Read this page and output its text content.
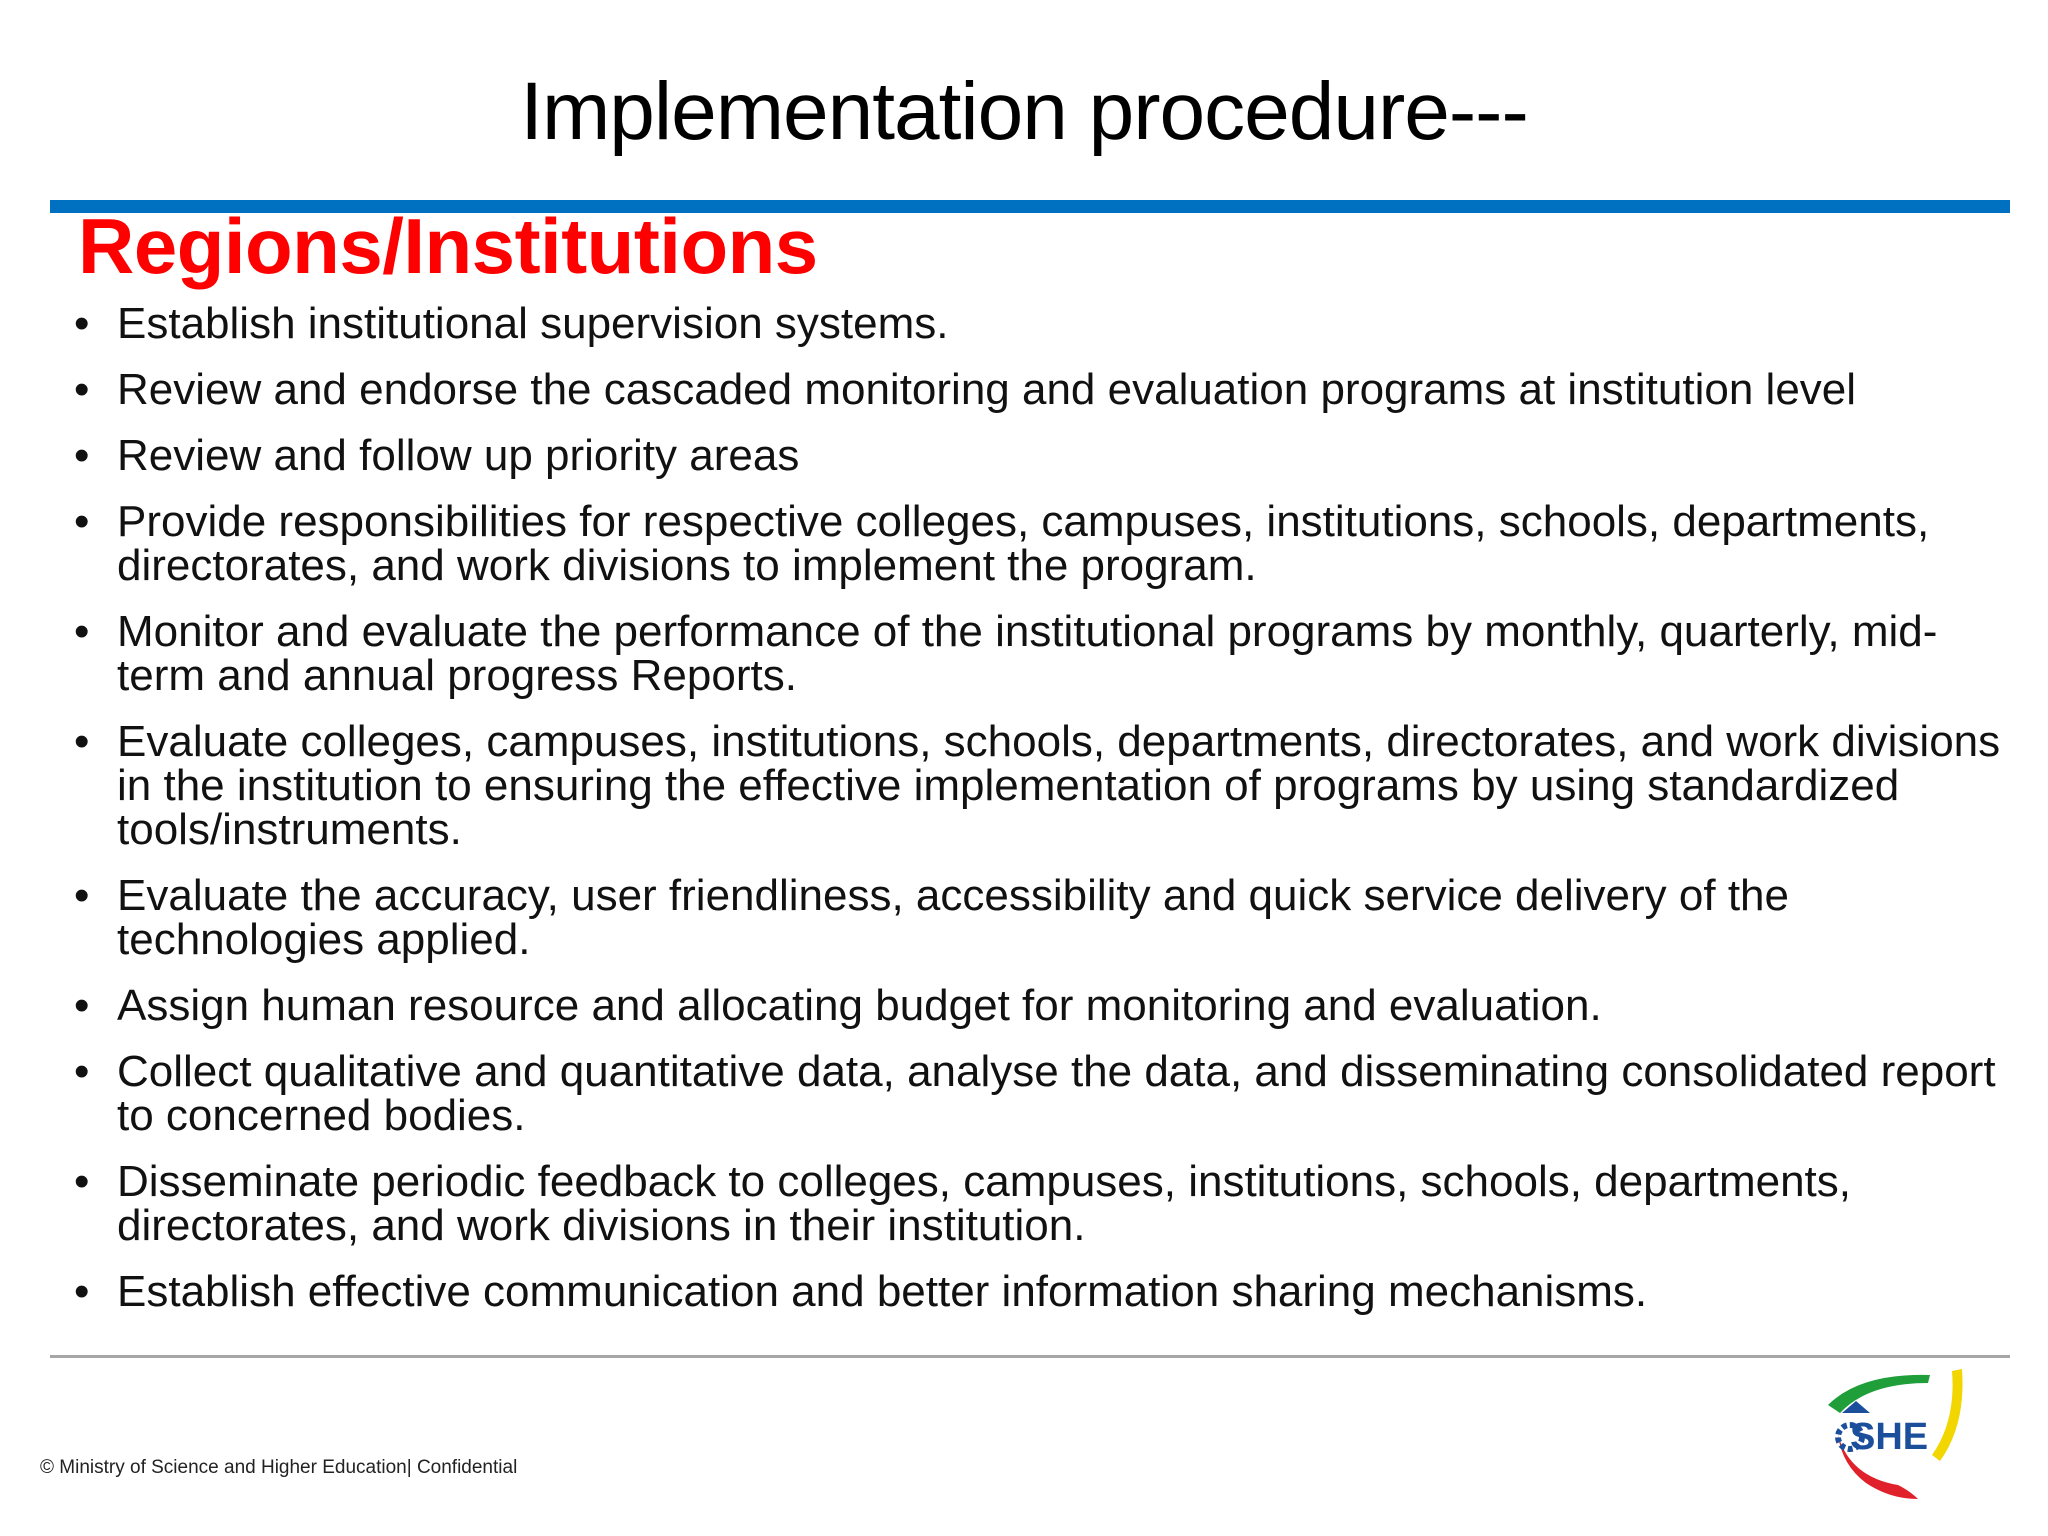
Implementation procedure---
Regions/Institutions
• Establish institutional supervision systems.
• Review and endorse the cascaded monitoring and evaluation programs at institution level
• Review and follow up priority areas
• Provide responsibilities for respective colleges, campuses, institutions, schools, departments, directorates, and work divisions to implement the program.
• Monitor and evaluate the performance of the institutional programs by monthly, quarterly, mid-term and annual progress Reports.
• Evaluate colleges, campuses, institutions, schools, departments, directorates, and work divisions in the institution to ensuring the effective implementation of programs by using standardized tools/instruments.
• Evaluate the accuracy, user friendliness, accessibility and quick service delivery of the technologies applied.
• Assign human resource and allocating budget for monitoring and evaluation.
• Collect qualitative and quantitative data, analyse the data, and disseminating consolidated report to concerned bodies.
• Disseminate periodic feedback to colleges, campuses, institutions, schools, departments, directorates, and work divisions in their institution.
• Establish effective communication and better information sharing mechanisms.
© Ministry of Science and Higher Education| Confidential
SHE
